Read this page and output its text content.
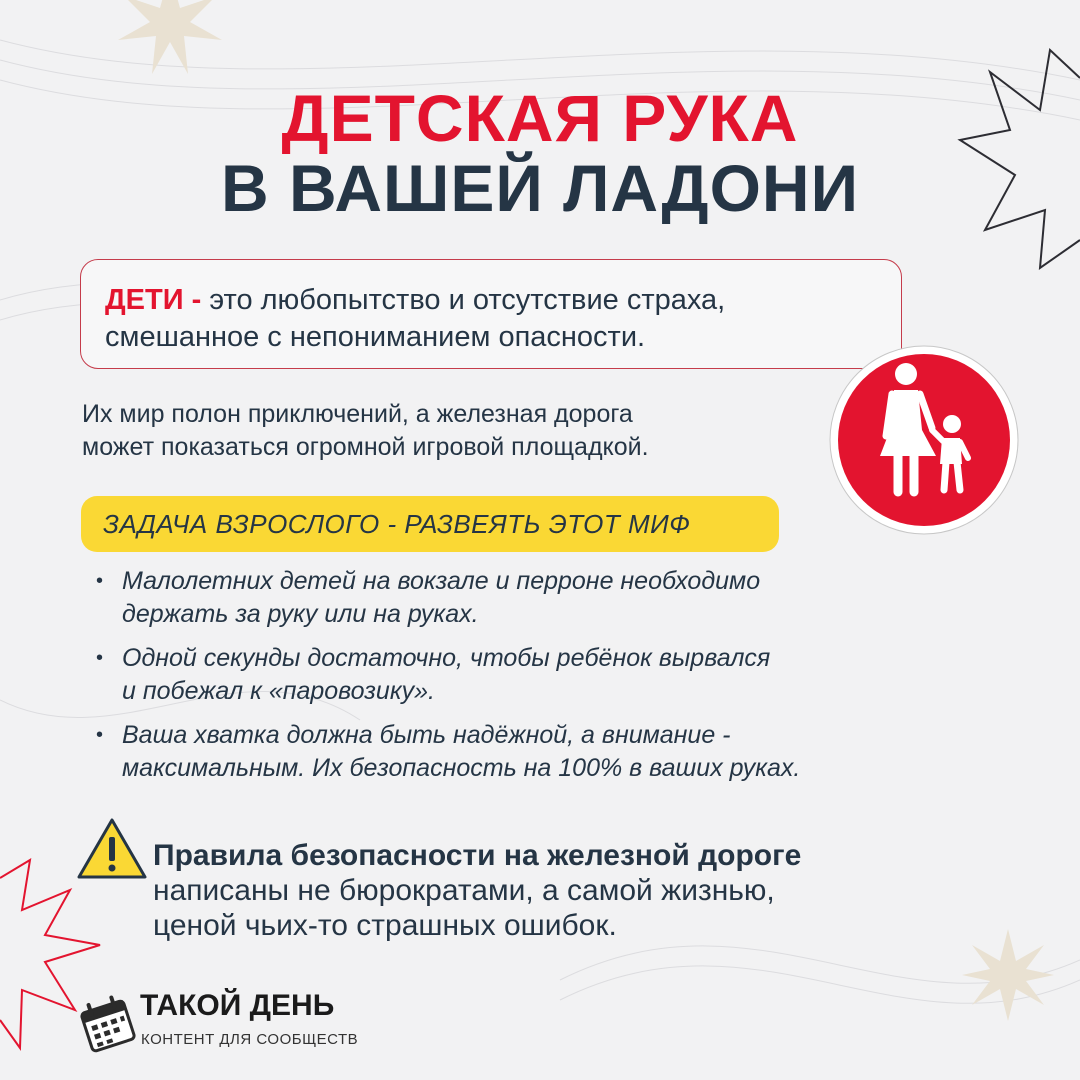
ДЕТСКАЯ РУКА
В ВАШЕЙ ЛАДОНИ
ДЕТИ - это любопытство и отсутствие страха,
смешанное с непониманием опасности.
Их мир полон приключений, а железная дорога
может показаться огромной игровой площадкой.
ЗАДАЧА ВЗРОСЛОГО - РАЗВЕЯТЬ ЭТОТ МИФ
• Малолетних детей на вокзале и перроне необходимо
держать за руку или на руках.
• Одной секунды достаточно, чтобы ребёнок вырвался
и побежал к «паровозику».
• Ваша хватка должна быть надёжной, а внимание -
максимальным. Их безопасность на 100% в ваших руках.
Правила безопасности на железной дороге
написаны не бюрократами, а самой жизнью,
ценой чьих-то страшных ошибок.
ТАКОЙ ДЕНЬ
КОНТЕНТ ДЛЯ СООБЩЕСТВ
